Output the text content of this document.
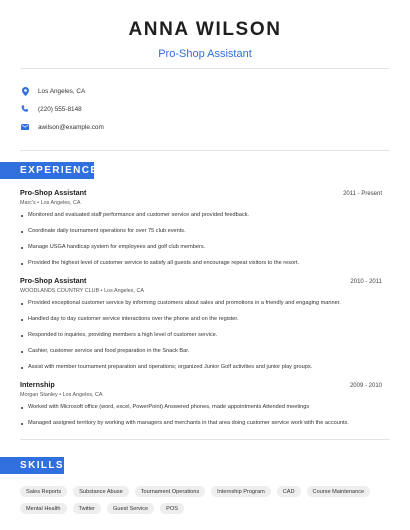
ANNA WILSON
Pro-Shop Assistant
Los Angeles, CA
(220) 555-8148
awilson@example.com
EXPERIENCE
Pro-Shop Assistant	2011 - Present
Marc's • Los Angeles, CA
Monitored and evaluated staff performance and customer service and provided feedback.
Coordinate daily tournament operations for over 75 club events.
Manage USGA handicap system for employees and golf club members.
Provided the highest level of customer service to satisfy all guests and encourage repeat visitors to the resort.
Pro-Shop Assistant	2010 - 2011
WOODLANDS COUNTRY CLUB • Los Angeles, CA
Provided exceptional customer service by informing customers about sales and promotions in a friendly and engaging manner.
Handled day to day customer service interactions over the phone and on the register.
Responded to inquiries, providing members a high level of customer service.
Cashier, customer service and food preparation in the Snack Bar.
Assist with member tournament preparation and operations; organized Junior Golf activities and junior play groups.
Internship	2009 - 2010
Morgan Stanley • Los Angeles, CA
Worked with Microsoft office (word, excel, PowerPoint) Answered phones, made appointments Attended meetings
Managed assigned territory by working with managers and merchants in that area doing customer service work with the accounts.
SKILLS
Sales Reports	Substance Abuse	Tournament Operations	Internship Program	CAD	Course Maintenance
Mental Health	Twitter	Guest Service	POS
